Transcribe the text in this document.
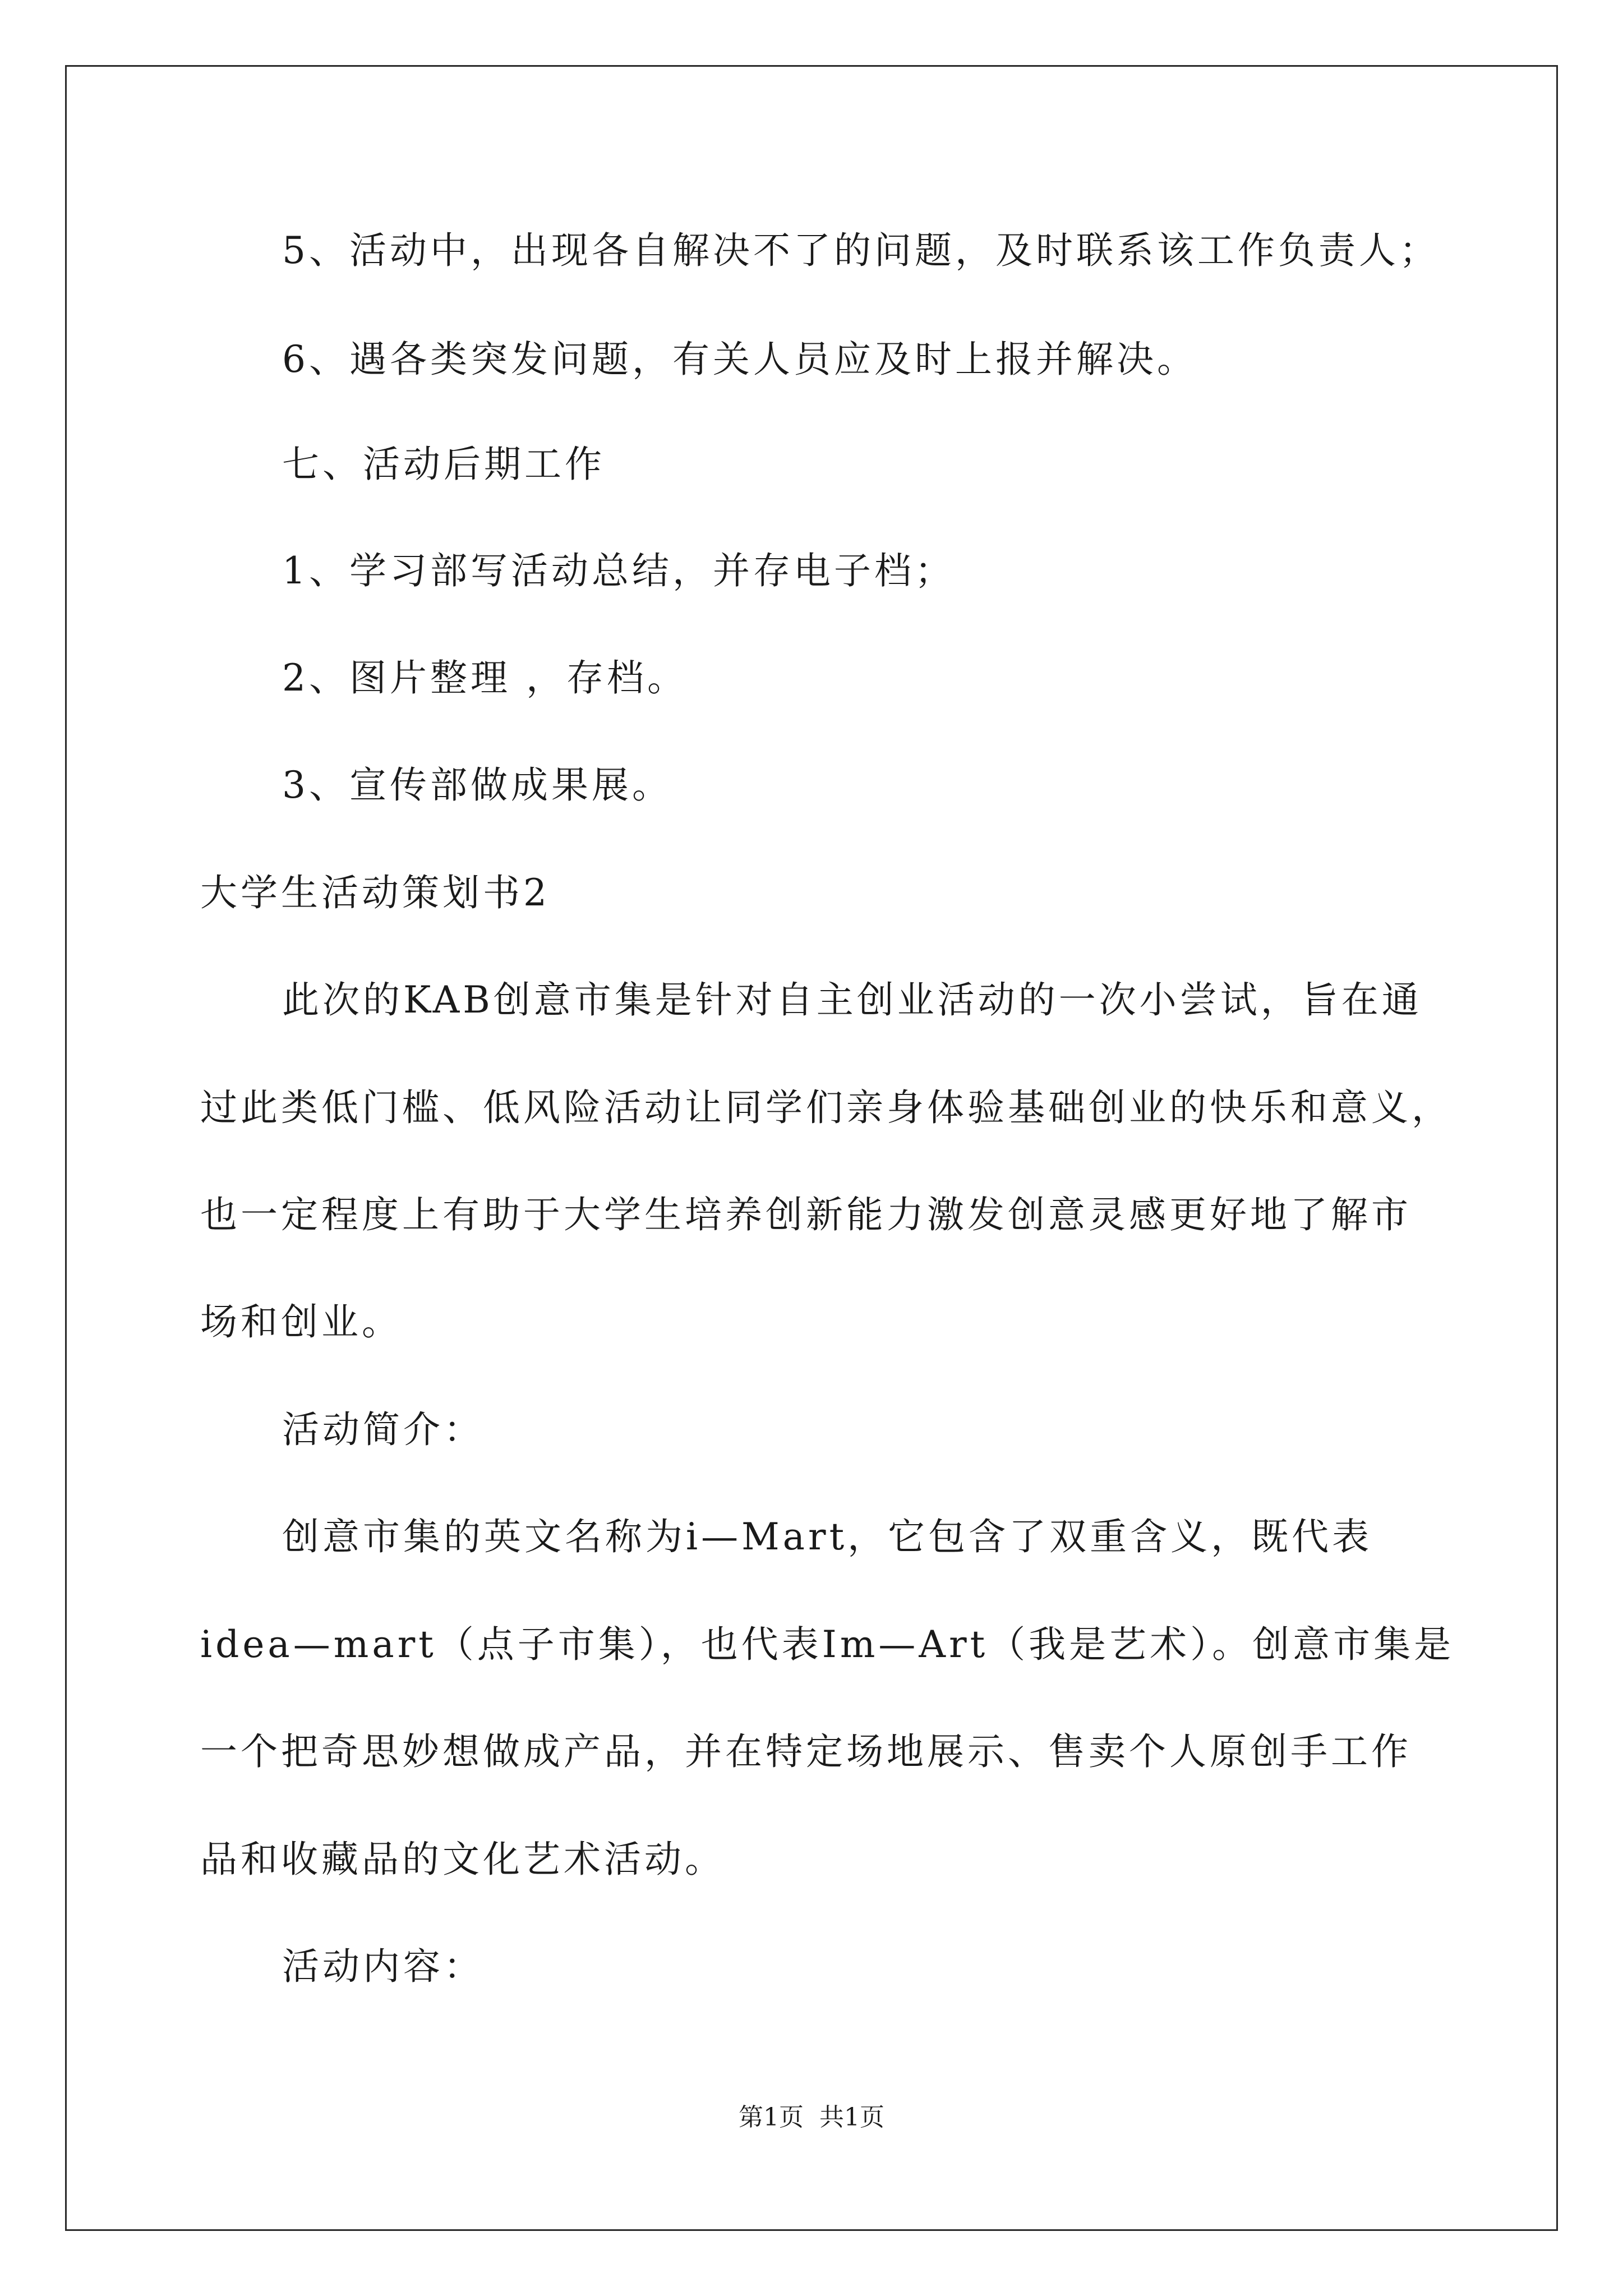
5、活动中，出现各自解决不了的问题，及时联系该工作负责人；
6、遇各类突发问题，有关人员应及时上报并解决。
七、活动后期工作
1、学习部写活动总结，并存电子档；
2、图片整理 ，存档。
3、宣传部做成果展。
大学生活动策划书2
此次的KAB创意市集是针对自主创业活动的一次小尝试，旨在通
过此类低门槛、低风险活动让同学们亲身体验基础创业的快乐和意义，
也一定程度上有助于大学生培养创新能力激发创意灵感更好地了解市
场和创业。
活动简介：
创意市集的英文名称为i—Mart，它包含了双重含义，既代表
idea—mart（点子市集），也代表Im—Art（我是艺术）。创意市集是
一个把奇思妙想做成产品，并在特定场地展示、售卖个人原创手工作
品和收藏品的文化艺术活动。
活动内容：
第1页 共1页
